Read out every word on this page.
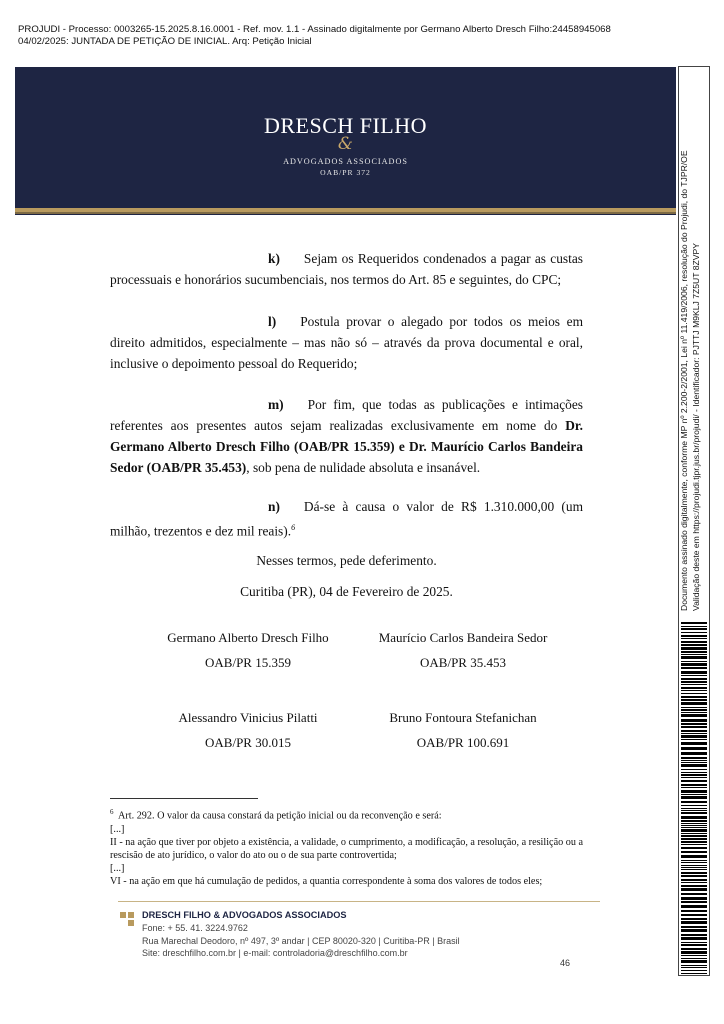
PROJUDI - Processo: 0003265-15.2025.8.16.0001 - Ref. mov. 1.1 - Assinado digitalmente por Germano Alberto Dresch Filho:24458945068
04/02/2025: JUNTADA DE PETIÇÃO DE INICIAL. Arq: Petição Inicial
DRESCH FILHO
&
ADVOGADOS ASSOCIADOS
OAB/PR 372
k) Sejam os Requeridos condenados a pagar as custas processuais e honorários sucumbenciais, nos termos do Art. 85 e seguintes, do CPC;
l) Postula provar o alegado por todos os meios em direito admitidos, especialmente – mas não só – através da prova documental e oral, inclusive o depoimento pessoal do Requerido;
m) Por fim, que todas as publicações e intimações referentes aos presentes autos sejam realizadas exclusivamente em nome do Dr. Germano Alberto Dresch Filho (OAB/PR 15.359) e Dr. Maurício Carlos Bandeira Sedor (OAB/PR 35.453), sob pena de nulidade absoluta e insanável.
n) Dá-se à causa o valor de R$ 1.310.000,00 (um milhão, trezentos e dez mil reais).$^6$
Nesses termos, pede deferimento.
Curitiba (PR), 04 de Fevereiro de 2025.
Germano Alberto Dresch Filho
OAB/PR 15.359
Maurício Carlos Bandeira Sedor
OAB/PR 35.453
Alessandro Vinicius Pilatti
OAB/PR 30.015
Bruno Fontoura Stefanichan
OAB/PR 100.691
$^6$ Art. 292. O valor da causa constará da petição inicial ou da reconvenção e será:
[...]
II - na ação que tiver por objeto a existência, a validade, o cumprimento, a modificação, a resolução, a resilição ou a rescisão de ato jurídico, o valor do ato ou o de sua parte controvertida;
[...]
VI - na ação em que há cumulação de pedidos, a quantia correspondente à soma dos valores de todos eles;
DRESCH FILHO & ADVOGADOS ASSOCIADOS
Fone: + 55. 41. 3224.9762
Rua Marechal Deodoro, nº 497, 3º andar | CEP 80020-320 | Curitiba-PR | Brasil
Site: dreschfilho.com.br | e-mail: controladoria@dreschfilho.com.br
46
Documento assinado digitalmente, conforme MP nº 2.200-2/2001, Lei nº 11.419/2006, resolução do Projudi, do TJPR/OE Validação deste em https://projudi.tjpr.jus.br/projudi/ - Identificador: PJTTJ M9KLJ 7Z5UT 8ZVPY
